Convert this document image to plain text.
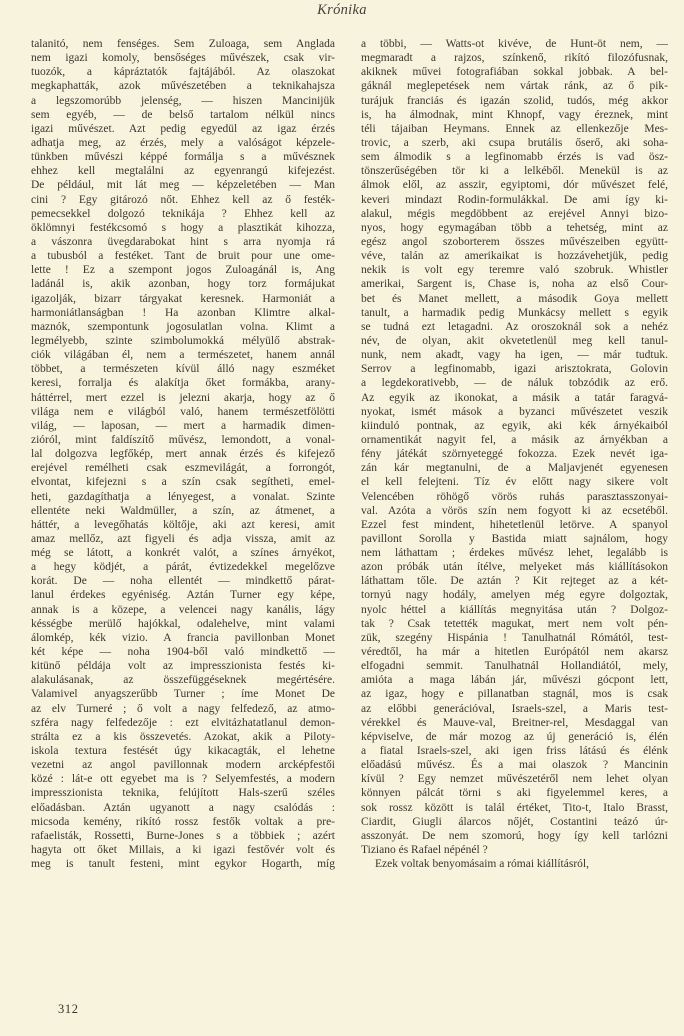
Krónika
talanitó, nem fenséges. Sem Zuloaga, sem Anglada
nem igazi komoly, bensőséges művészek, csak vir-
tuozók, a kápráztatók fajtájából. Az olaszokat
megkaphatták, azok művészetében a teknikahajsza
a legszomorúbb jelenség, — hiszen Mancinijük
sem egyéb, — de belső tartalom nélkül nincs
igazi művészet. Azt pedig egyedül az igaz érzés
adhatja meg, az érzés, mely a valóságot képzele-
tünkben művészi képpé formálja s a művésznek
ehhez kell megtalálni az egyenrangú kifejezést.
De például, mit lát meg — képzeletében — Man
cini ? Egy gitározó nőt. Ehhez kell az ő festék-
pemecsekkel dolgozó teknikája ? Ehhez kell az
öklömnyi festékcsomó s hogy a plasztikát kihozza,
a vászonra üvegdarabokat hint s arra nyomja rá
a tubusból a festéket. Tant de bruit pour une ome-
lette ! Ez a szempont jogos Zuloagánál is, Ang
ladánál is, akik azonban, hogy torz formájukat
igazolják, bizarr tárgyakat keresnek. Harmoniát a
harmoniátlanságban ! Ha azonban Klimtre alkal-
maznók, szempontunk jogosulatlan volna. Klimt a
legmélyebb, szinte szimbolumokká mélyülő abstrak-
ciók világában él, nem a természetet, hanem annál
többet, a természeten kívül álló nagy eszméket
keresi, forralja és alakítja őket formákba, arany-
háttérrel, mert ezzel is jelezni akarja, hogy az ő
világa nem e világból való, hanem természetfölötti
világ, — laposan, — mert a harmadik dimen-
zióról, mint faldíszítő művész, lemondott, a vonal-
lal dolgozva legfőkép, mert annak érzés és kifejező
erejével remélheti csak eszmevilágát, a forrongót,
elvontat, kifejezni s a szín csak segítheti, emel-
heti, gazdagíthatja a lényegest, a vonalat. Szinte
ellentéte neki Waldmüller, a szín, az átmenet, a
háttér, a levegőhatás költője, aki azt keresi, amit
amaz mellőz, azt figyeli és adja vissza, amit az
még se látott, a konkrét valót, a színes árnyékot,
a hegy ködjét, a párát, évtizedekkel megelőzve
korát. De — noha ellentét — mindkettő párat-
lanul érdekes egyéniség. Aztán Turner egy képe,
annak is a közepe, a velencei nagy kanális, lágy
késségbe merülő hajókkal, odalehelve, mint valami
álomkép, kék vizio. A francia pavillonban Monet
két képe — noha 1904-ből való mindkettő —
kitünő példája volt az impresszionista festés ki-
alakulásanak, az összefüggéseknek megértésére.
Valamivel anyagszerűbb Turner ; íme Monet De
az elv Turneré ; ő volt a nagy felfedező, az atmo-
szféra nagy felfedezője : ezt elvitázhatatlanul demon-
strálta ez a kis összevetés. Azokat, akik a Piloty-
iskola textura festését úgy kikacagták, el lehetne
vezetni az angol pavillonnak modern arcképfestői
közé : lát-e ott egyebet ma is ? Selyemfestés, a modern
impresszionista teknika, felújított Hals-szerű széles
előadásban. Aztán ugyanott a nagy csalódás :
micsoda kemény, rikító rossz festők voltak a pre-
rafaelisták, Rossetti, Burne-Jones s a többiek ; azért
hagyta ott őket Millais, a ki igazi festővér volt és
meg is tanult festeni, mint egykor Hogarth, míg
a többi, — Watts-ot kivéve, de Hunt-öt nem, —
megmaradt a rajzos, színkenő, rikító filozófusnak,
akiknek művei fotografiában sokkal jobbak. A bel-
gáknál meglepetések nem vártak ránk, az ő pik-
turájuk franciás és igazán szolid, tudós, még akkor
is, ha álmodnak, mint Khnopf, vagy éreznek, mint
téli tájaiban Heymans. Ennek az ellenkezője Mes-
trovic, a szerb, aki csupa brutális őserő, aki soha-
sem álmodik s a legfinomabb érzés is vad ösz-
tönszerűségében tör ki a lelkéből. Menekül is az
álmok elől, az asszir, egyiptomi, dór művészet felé,
keveri mindazt Rodin-formulákkal. De ami így ki-
alakul, mégis megdöbbent az erejével Annyi bizo-
nyos, hogy egymagában több a tehetség, mint az
egész angol szoborterem összes művészeiben együtt-
véve, talán az amerikaikat is hozzávehetjük, pedig
nekik is volt egy teremre való szobruk. Whistler
amerikai, Sargent is, Chase is, noha az első Cour-
bet és Manet mellett, a második Goya mellett
tanult, a harmadik pedig Munkácsy mellett s egyik
se tudná ezt letagadni. Az oroszoknál sok a nehéz
név, de olyan, akit okvetetlenül meg kell tanul-
nunk, nem akadt, vagy ha igen, — már tudtuk.
Serrov a legfinomabb, igazi arisztokrata, Golovin
a legdekorativebb, — de náluk tobzódik az erő.
Az egyik az ikonokat, a másik a tatár faragvá-
nyokat, ismét mások a byzanci művészetet veszik
kiinduló pontnak, az egyik, aki kék árnyékaiból
ornamentikát nagyit fel, a másik az árnyékban a
fény játékát szörnyeteggé fokozza. Ezek nevét iga-
zán kár megtanulni, de a Maljavjenét egyenesen
el kell felejteni. Tíz év előtt nagy sikere volt
Velencében röhögő vörös ruhás parasztasszonyai-
val. Azóta a vörös szín nem fogyott ki az ecsetéből.
Ezzel fest mindent, hihetetlenül letörve. A spanyol
pavillont Sorolla y Bastida miatt sajnálom, hogy
nem láthattam ; érdekes művész lehet, legalább is
azon próbák után ítélve, melyeket más kiállításokon
láthattam tőle. De aztán ? Kit rejteget az a két-
tornyú nagy hodály, amelyen még egyre dolgoztak,
nyolc héttel a kiállítás megnyitása után ? Dolgoz-
tak ? Csak tetették magukat, mert nem volt pén-
zük, szegény Hispánia ! Tanulhatnál Rómától, test-
véredtől, ha már a hitetlen Európától nem akarsz
elfogadni semmit. Tanulhatnál Hollandiától, mely,
amióta a maga lábán jár, művészi gócpont lett,
az igaz, hogy e pillanatban stagnál, mos is csak
az előbbi generációval, Israels-szel, a Maris test-
vérekkel és Mauve-val, Breitner-rel, Mesdaggal van
képviselve, de már mozog az új generáció is, élén
a fiatal Israels-szel, aki igen friss látású és élénk
előadású művész. És a mai olaszok ? Mancinin
kívül ? Egy nemzet művészetéről nem lehet olyan
könnyen pálcát törni s aki figyelemmel keres, a
sok rossz között is talál értéket, Tito-t, Italo Brasst,
Ciardit, Giugli álarcos nőjét, Costantini teázó úr-
asszonyát. De nem szomorú, hogy így kell tarlózni
Tiziano és Rafael népénél ?
Ezek voltak benyomásaim a római kiállításról,
312
